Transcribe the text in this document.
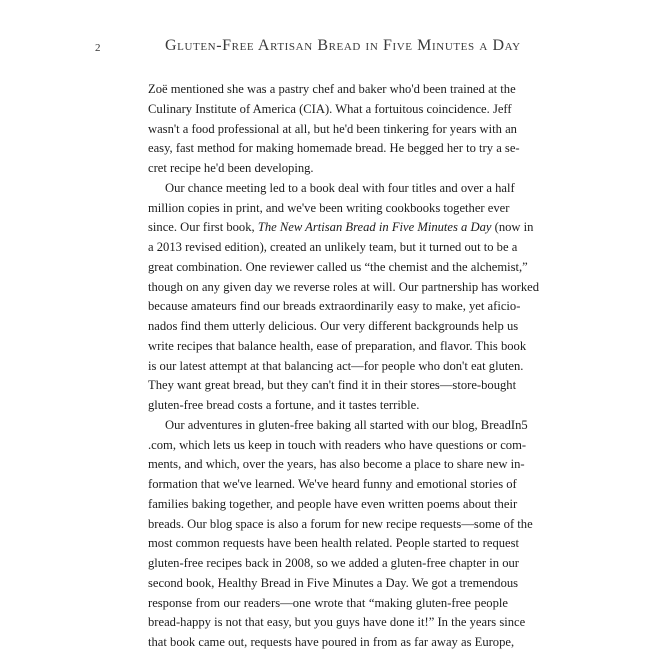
2	Gluten-Free Artisan Bread in Five Minutes a Day
Zoë mentioned she was a pastry chef and baker who'd been trained at the
Culinary Institute of America (CIA). What a fortuitous coincidence. Jeff
wasn't a food professional at all, but he'd been tinkering for years with an
easy, fast method for making homemade bread. He begged her to try a se-
cret recipe he'd been developing.
Our chance meeting led to a book deal with four titles and over a half
million copies in print, and we've been writing cookbooks together ever
since. Our first book, The New Artisan Bread in Five Minutes a Day (now in
a 2013 revised edition), created an unlikely team, but it turned out to be a
great combination. One reviewer called us “the chemist and the alchemist,”
though on any given day we reverse roles at will. Our partnership has worked
because amateurs find our breads extraordinarily easy to make, yet aficio-
nados find them utterly delicious. Our very different backgrounds help us
write recipes that balance health, ease of preparation, and flavor. This book
is our latest attempt at that balancing act—for people who don't eat gluten.
They want great bread, but they can't find it in their stores—store-bought
gluten-free bread costs a fortune, and it tastes terrible.
Our adventures in gluten-free baking all started with our blog, BreadIn5
.com, which lets us keep in touch with readers who have questions or com-
ments, and which, over the years, has also become a place to share new in-
formation that we've learned. We've heard funny and emotional stories of
families baking together, and people have even written poems about their
breads. Our blog space is also a forum for new recipe requests—some of the
most common requests have been health related. People started to request
gluten-free recipes back in 2008, so we added a gluten-free chapter in our
second book, Healthy Bread in Five Minutes a Day. We got a tremendous
response from our readers—one wrote that “making gluten-free people
bread-happy is not that easy, but you guys have done it!” In the years since
that book came out, requests have poured in from as far away as Europe,
